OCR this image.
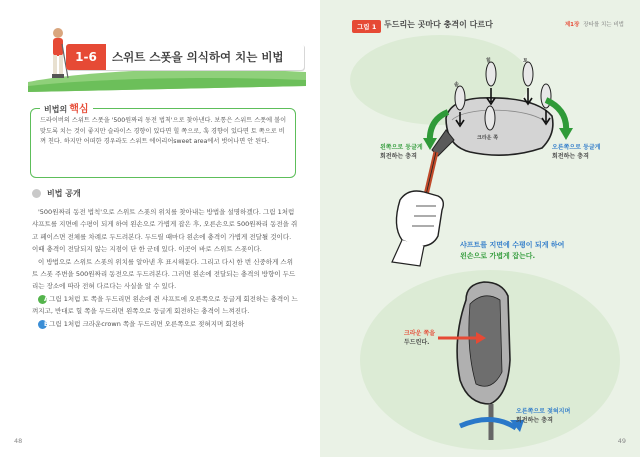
1-6	스위트 스폿을 의식하여 치는 비법
비법의 핵심
드라이버의 스위트 스폿을 '500원짜리 동전 법칙'으로 찾아낸다. 보통은 스위트 스폿에 볼이 맞도록 치는 것이 좋지만 슬라이스 경향이 있다면 힐 쪽으로, 훅 경향이 있다면 토 쪽으로 비껴 친다. 하지만 어떠한 경우라도 스위트 에어리어sweet area에서 벗어나면 안 된다.
비법 공개

'500원짜리 동전 법칙'으로 스위트 스폿의 위치를 찾아내는 방법을 설명하겠다. 그림 1처럼 샤프트를 지면에 수평이 되게 하여 왼손으로 가볍게 잡은 후, 오른손으로 500원짜리 동전을 쥐고 페이스면 전체를 차례로 두드려본다. 두드릴 때마다 왼손에 충격이 가볍게 전달될 것이다. 이때 충격이 전달되지 않는 지점이 단 한 군데 있다. 이곳이 바로 스위트 스폿이다.

이 방법으로 스위트 스폿의 위치를 알아낸 후 표시해둔다. 그리고 다시 한 번 신중하게 스위트 스폿 주변을 500원짜리 동전으로 두드려본다. 그러면 왼손에 전달되는 충격의 방향이 두드리는 장소에 따라 전혀 다르다는 사실을 알 수 있다.

A 그림 1처럼 토 쪽을 두드리면 왼손에 쥔 샤프트에 오른쪽으로 둥글게 회전하는 충격이 느껴지고, 반대로 힐 쪽을 두드리면 왼쪽으로 둥글게 회전하는 충격이 느껴진다.

B 그림 1처럼 크라운crown 쪽을 두드리면 오른쪽으로 젖혀지며 회전하

48
그림 1 두드리는 곳마다 충격이 다르다	제1장 장타를 치는 비법
힐	토
솔
크라운 쪽
왼쪽으로 둥글게
회전하는 충격
오른쪽으로 둥글게
회전하는 충격
샤프트를 지면에 수평이 되게 하여
왼손으로 가볍게 잡는다.
크라운 쪽을
두드린다.
오른쪽으로 젖혀지며
회전하는 충격
49
